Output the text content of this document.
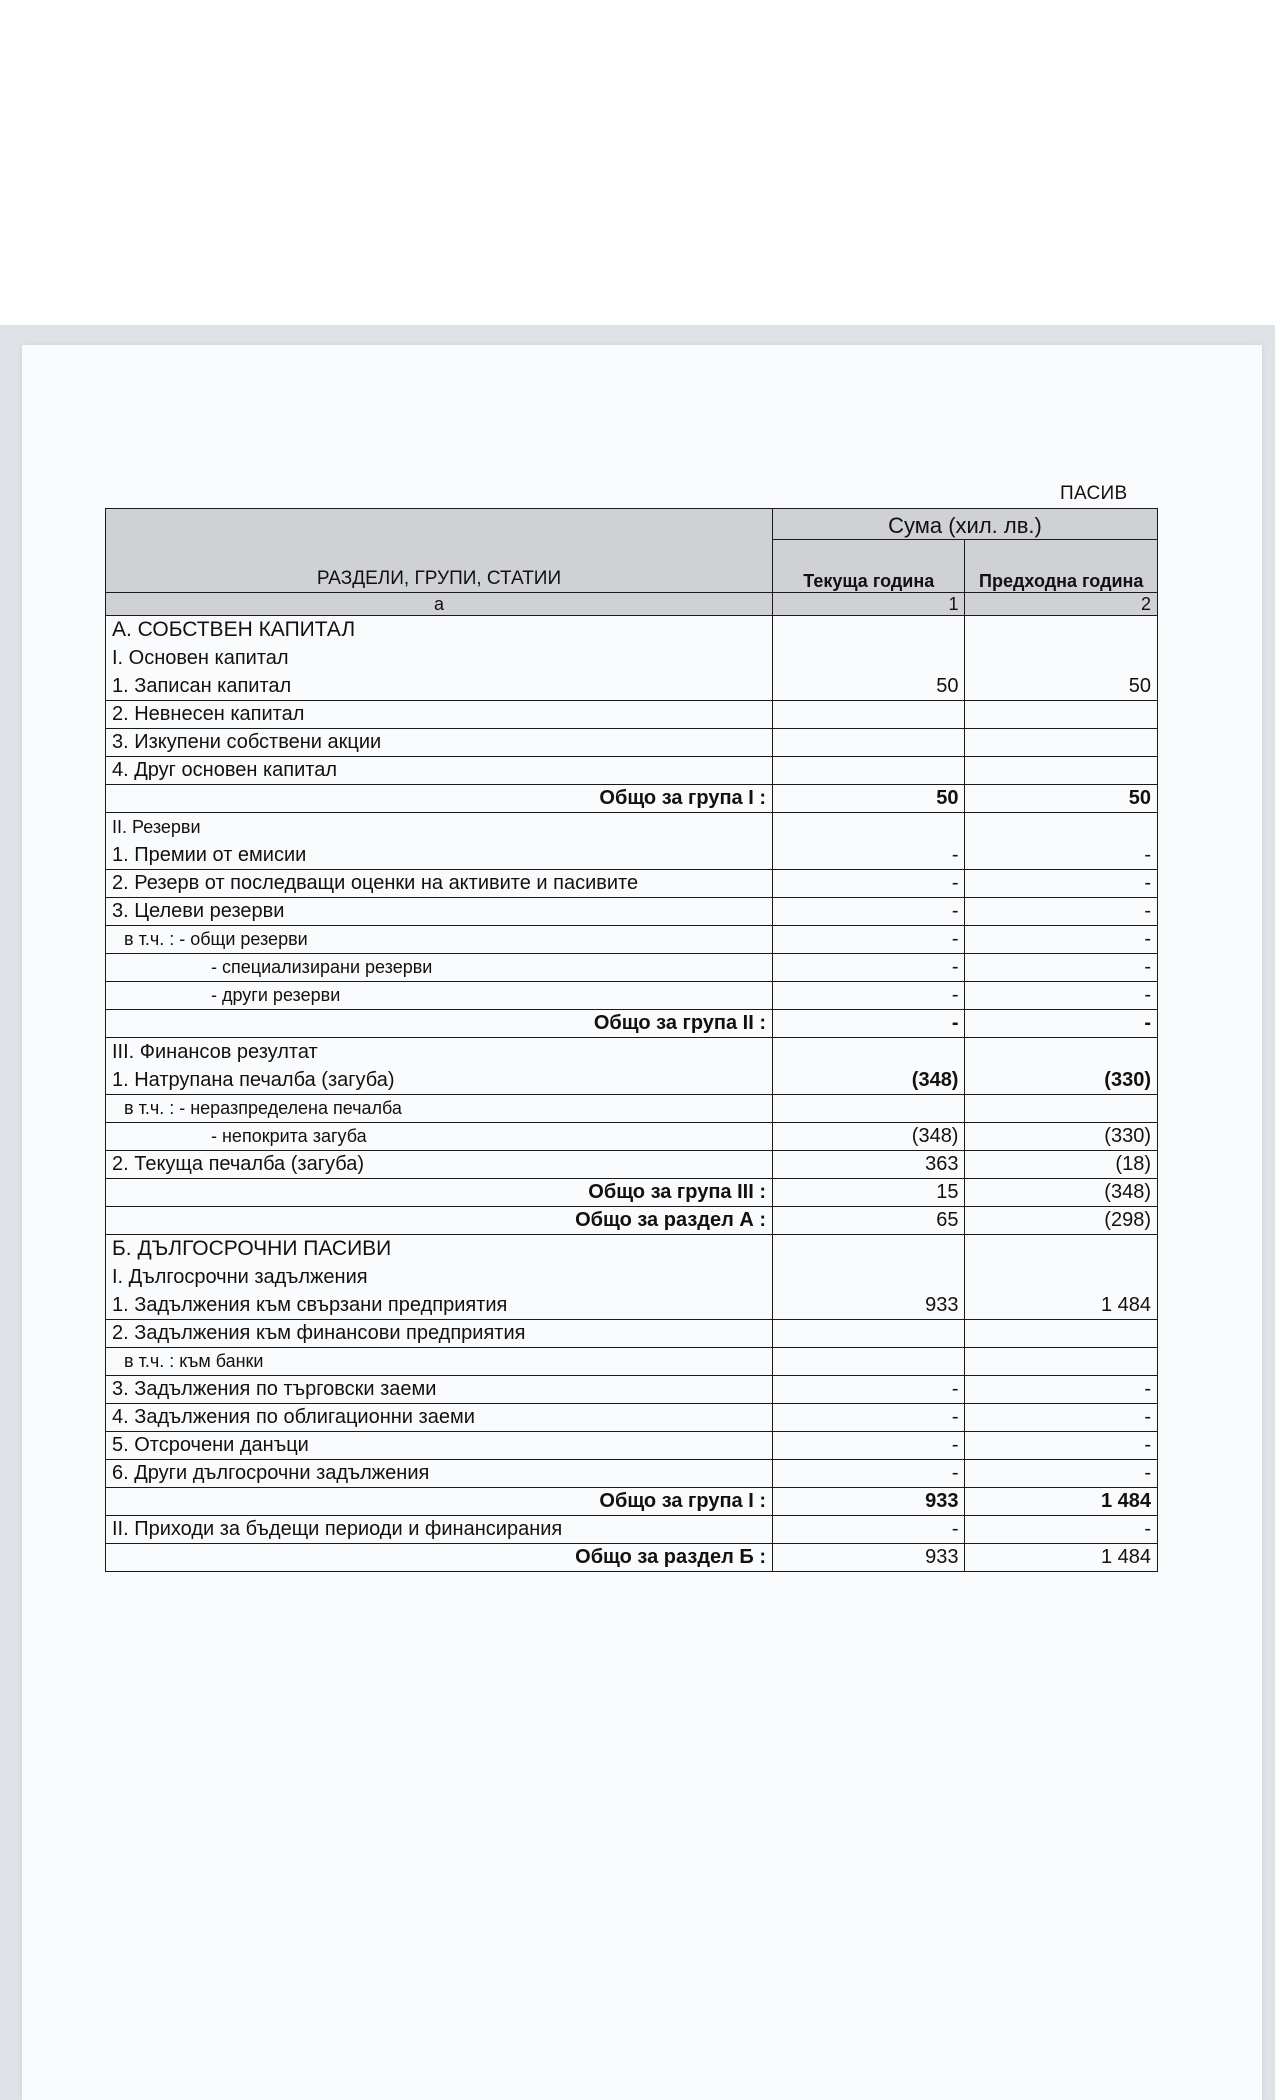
ПАСИВ
РАЗДЕЛИ, ГРУПИ, СТАТИИ	Сума (хил. лв.)	
	Текуща година	Предходна година
а	1	2

А. СОБСТВЕН КАПИТАЛ
I. Основен капитал
1. Записан капитал	50	50
2. Невнесен капитал		
3. Изкупени собствени акции		
4. Друг основен капитал		
Общо за група I :	50	50

II. Резерви
1. Премии от емисии	-	-
2. Резерв от последващи оценки на активите и пасивите	-	-
3. Целеви резерви	-	-
в т.ч. : - общи резерви	-	-
- специализирани резерви	-	-
- други резерви	-	-
Общо за група II :	-	-

III. Финансов резултат
1. Натрупана печалба (загуба)	(348)	(330)
в т.ч. : - неразпределена печалба		
- непокрита загуба	(348)	(330)
2. Текуща печалба (загуба)	363	(18)
Общо за група III :	15	(348)
Общо за раздел А :	65	(298)

Б. ДЪЛГОСРОЧНИ ПАСИВИ
I. Дългосрочни задължения
1. Задължения към свързани предприятия	933	1 484
2. Задължения към финансови предприятия		
в т.ч. : към банки		
3. Задължения по търговски заеми	-	-
4. Задължения по облигационни заеми	-	-
5. Отсрочени данъци	-	-
6. Други дългосрочни задължения	-	-
Общо за група I :	933	1 484
II. Приходи за бъдещи периоди и финансирания	-	-
Общо за раздел Б :	933	1 484
